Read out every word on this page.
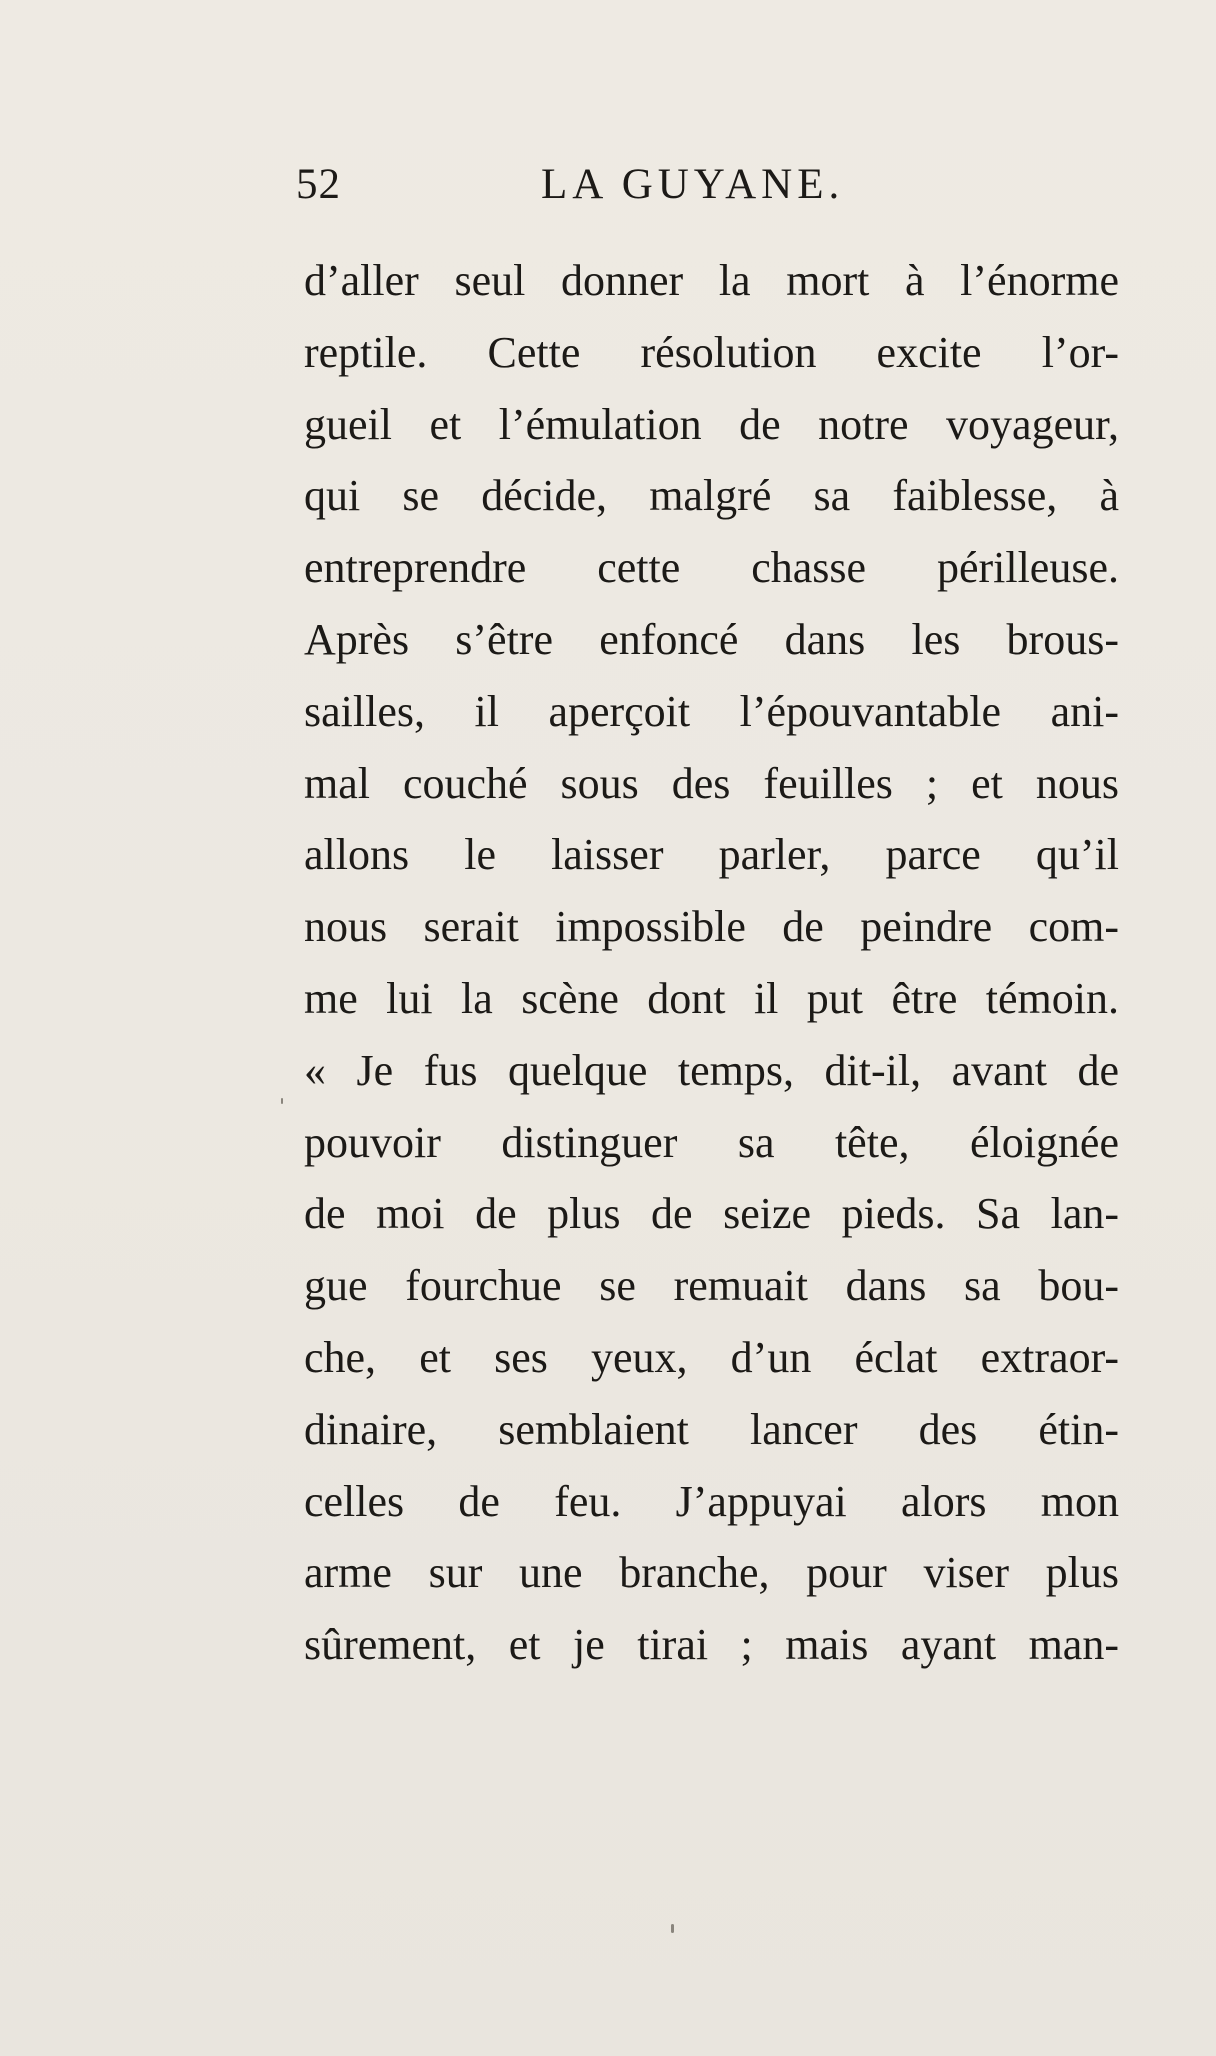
52	LA GUYANE.
d’aller seul donner la mort à l’énorme
reptile. Cette résolution excite l’or-
gueil et l’émulation de notre voyageur,
qui se décide, malgré sa faiblesse, à
entreprendre cette chasse périlleuse.
Après s’être enfoncé dans les brous-
sailles, il aperçoit l’épouvantable ani-
mal couché sous des feuilles ; et nous
allons le laisser parler, parce qu’il
nous serait impossible de peindre com-
me lui la scène dont il put être témoin.
« Je fus quelque temps, dit-il, avant de
pouvoir distinguer sa tête, éloignée
de moi de plus de seize pieds. Sa lan-
gue fourchue se remuait dans sa bou-
che, et ses yeux, d’un éclat extraor-
dinaire, semblaient lancer des étin-
celles de feu. J’appuyai alors mon
arme sur une branche, pour viser plus
sûrement, et je tirai ; mais ayant man-
